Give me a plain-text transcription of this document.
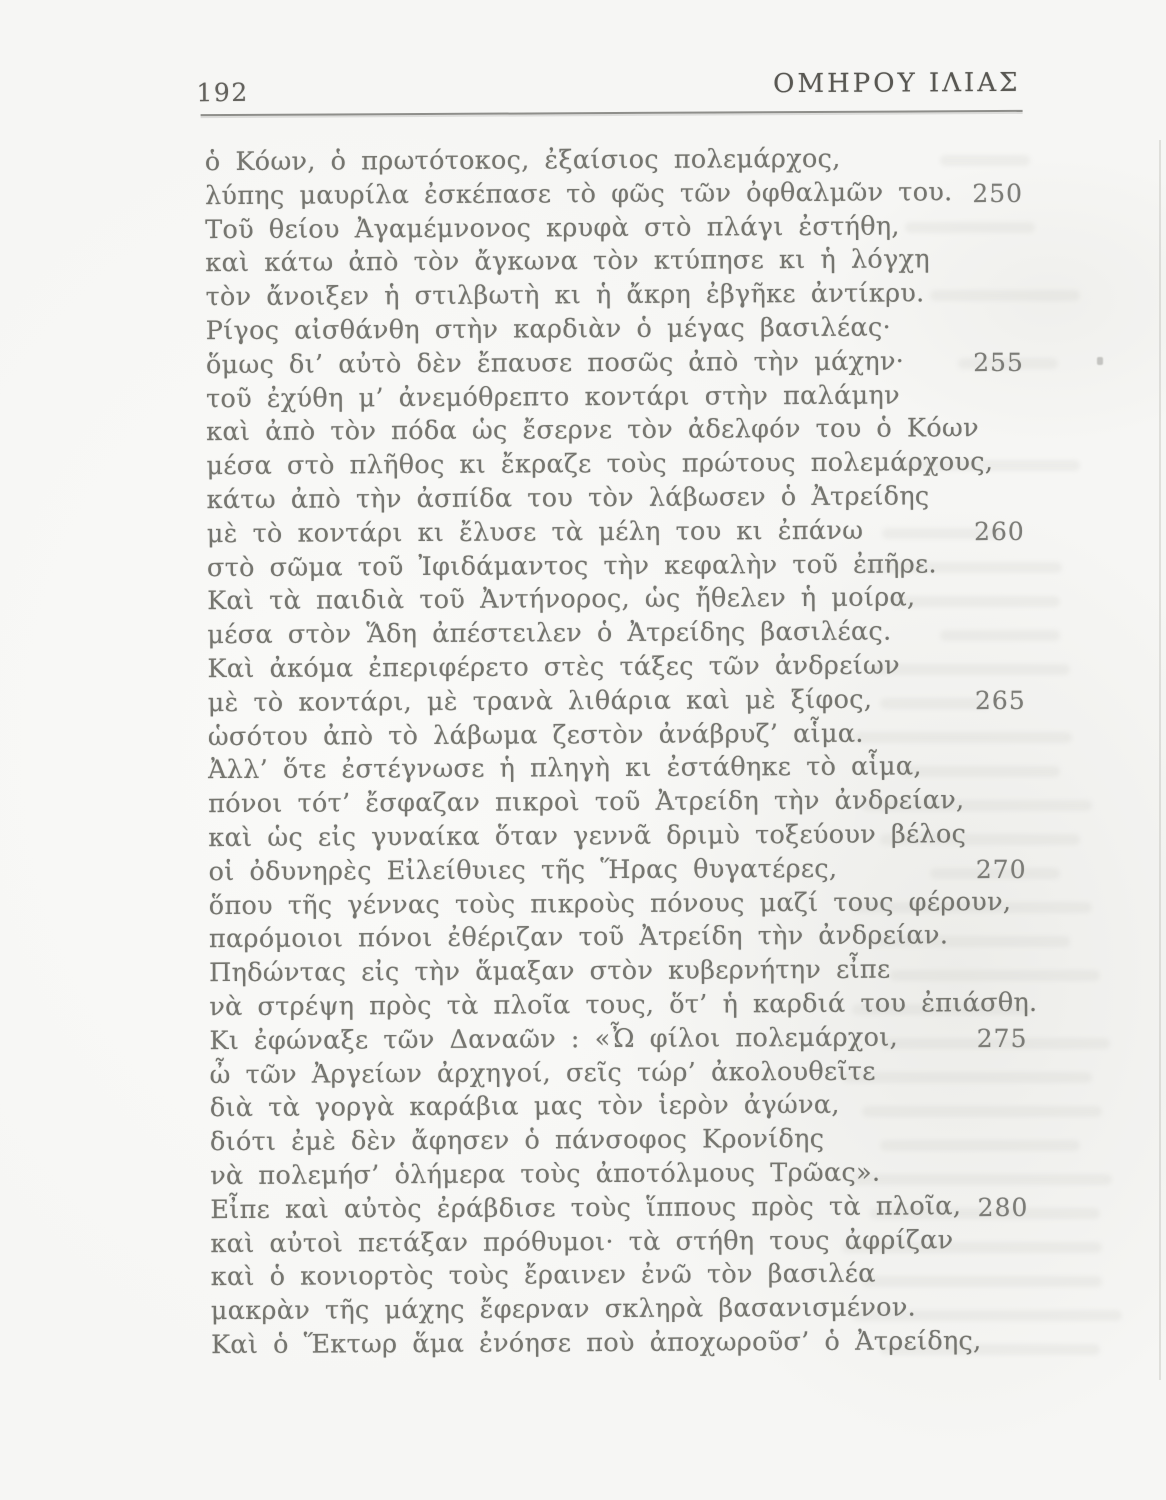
192	ΟΜΗΡΟΥ ΙΛΙΑΣ
ὁ Κόων, ὁ πρωτότοκος, ἐξαίσιος πολεμάρχος,
λύπης μαυρίλα ἐσκέπασε τὸ φῶς τῶν ὀφθαλμῶν του. 250
Τοῦ θείου Ἀγαμέμνονος κρυφὰ στὸ πλάγι ἐστήθη,
καὶ κάτω ἀπὸ τὸν ἄγκωνα τὸν κτύπησε κι ἡ λόγχη
τὸν ἄνοιξεν ἡ στιλβωτὴ κι ἡ ἄκρη ἐβγῆκε ἀντίκρυ.
Ρίγος αἰσθάνθη στὴν καρδιὰν ὁ μέγας βασιλέας·
ὅμως δι’ αὐτὸ δὲν ἔπαυσε ποσῶς ἀπὸ τὴν μάχην·	255
τοῦ ἐχύθη μ’ ἀνεμόθρεπτο κοντάρι στὴν παλάμην
καὶ ἀπὸ τὸν πόδα ὡς ἔσερνε τὸν ἀδελφόν του ὁ Κόων
μέσα στὸ πλῆθος κι ἔκραζε τοὺς πρώτους πολεμάρχους,
κάτω ἀπὸ τὴν ἀσπίδα του τὸν λάβωσεν ὁ Ἀτρείδης
μὲ τὸ κοντάρι κι ἔλυσε τὰ μέλη του κι ἐπάνω	260
στὸ σῶμα τοῦ Ἰφιδάμαντος τὴν κεφαλὴν τοῦ ἐπῆρε.
Καὶ τὰ παιδιὰ τοῦ Ἀντήνορος, ὡς ἤθελεν ἡ μοίρα,
μέσα στὸν Ἅδη ἀπέστειλεν ὁ Ἀτρείδης βασιλέας.
Καὶ ἀκόμα ἐπεριφέρετο στὲς τάξες τῶν ἀνδρείων
μὲ τὸ κοντάρι, μὲ τρανὰ λιθάρια καὶ μὲ ξίφος,	265
ὡσότου ἀπὸ τὸ λάβωμα ζεστὸν ἀνάβρυζ’ αἷμα.
Ἀλλ’ ὅτε ἐστέγνωσε ἡ πληγὴ κι ἐστάθηκε τὸ αἷμα,
πόνοι τότ’ ἔσφαζαν πικροὶ τοῦ Ἀτρείδη τὴν ἀνδρείαν,
καὶ ὡς εἰς γυναίκα ὅταν γεννᾶ δριμὺ τοξεύουν βέλος
οἱ ὀδυνηρὲς Εἰλείθυιες τῆς Ἥρας θυγατέρες,	270
ὅπου τῆς γέννας τοὺς πικροὺς πόνους μαζί τους φέρουν,
παρόμοιοι πόνοι ἐθέριζαν τοῦ Ἀτρείδη τὴν ἀνδρείαν.
Πηδώντας εἰς τὴν ἅμαξαν στὸν κυβερνήτην εἶπε
νὰ στρέψη πρὸς τὰ πλοῖα τους, ὅτ’ ἡ καρδιά του ἐπιάσθη.
Κι ἐφώναξε τῶν Δαναῶν : «Ὦ φίλοι πολεμάρχοι,	275
ὦ τῶν Ἀργείων ἀρχηγοί, σεῖς τώρ’ ἀκολουθεῖτε
διὰ τὰ γοργὰ καράβια μας τὸν ἱερὸν ἀγώνα,
διότι ἐμὲ δὲν ἄφησεν ὁ πάνσοφος Κρονίδης
νὰ πολεμήσ’ ὁλήμερα τοὺς ἀποτόλμους Τρῶας».
Εἶπε καὶ αὐτὸς ἐράβδισε τοὺς ἵππους πρὸς τὰ πλοῖα, 280
καὶ αὐτοὶ πετάξαν πρόθυμοι· τὰ στήθη τους ἀφρίζαν
καὶ ὁ κονιορτὸς τοὺς ἔραινεν ἐνῶ τὸν βασιλέα
μακρὰν τῆς μάχης ἔφερναν σκληρὰ βασανισμένον.
Καὶ ὁ Ἕκτωρ ἅμα ἐνόησε ποὺ ἀποχωροῦσ’ ὁ Ἀτρείδης,
